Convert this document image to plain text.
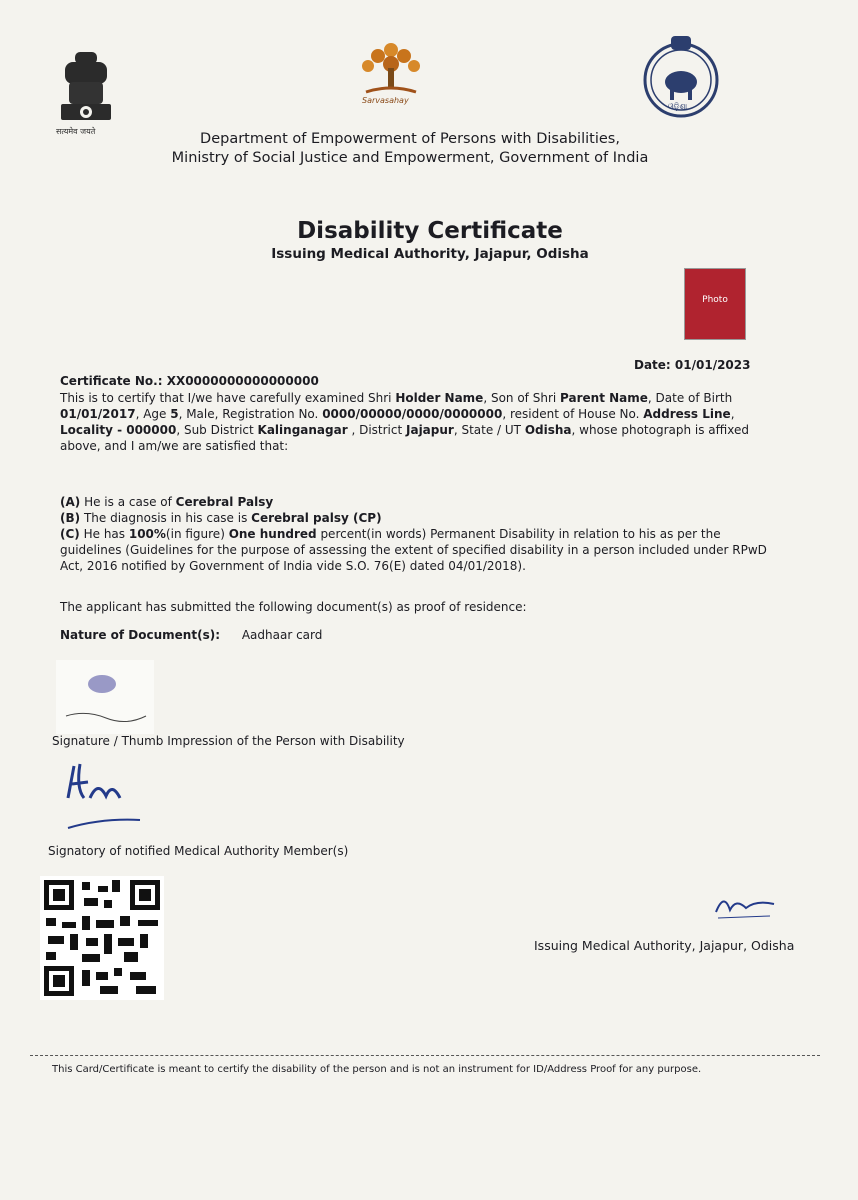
सत्यमेव जयते
Sarvasahay
ଓଡ଼ିଶା
Department of Empowerment of Persons with Disabilities,
Ministry of Social Justice and Empowerment, Government of India
Disability Certificate
Issuing Medical Authority, Jajapur, Odisha
Photo
Date: 01/01/2023
Certificate No.: XX0000000000000000
This is to certify that I/we have carefully examined Shri Holder Name, Son of Shri Parent Name, Date of Birth 01/01/2017, Age 5, Male, Registration No. 0000/00000/0000/0000000, resident of House No. Address Line, Locality - 000000, Sub District Kalinganagar , District Jajapur, State / UT Odisha, whose photograph is affixed above, and I am/we are satisfied that:
(A) He is a case of Cerebral Palsy
(B) The diagnosis in his case is Cerebral palsy (CP)
(C) He has 100%(in figure) One hundred percent(in words) Permanent Disability in relation to his as per the guidelines (Guidelines for the purpose of assessing the extent of specified disability in a person included under RPwD Act, 2016 notified by Government of India vide S.O. 76(E) dated 04/01/2018).
The applicant has submitted the following document(s) as proof of residence:
Nature of Document(s): Aadhaar card
Signature / Thumb Impression of the Person with Disability
Signatory of notified Medical Authority Member(s)
Issuing Medical Authority, Jajapur, Odisha
This Card/Certificate is meant to certify the disability of the person and is not an instrument for ID/Address Proof for any purpose.
